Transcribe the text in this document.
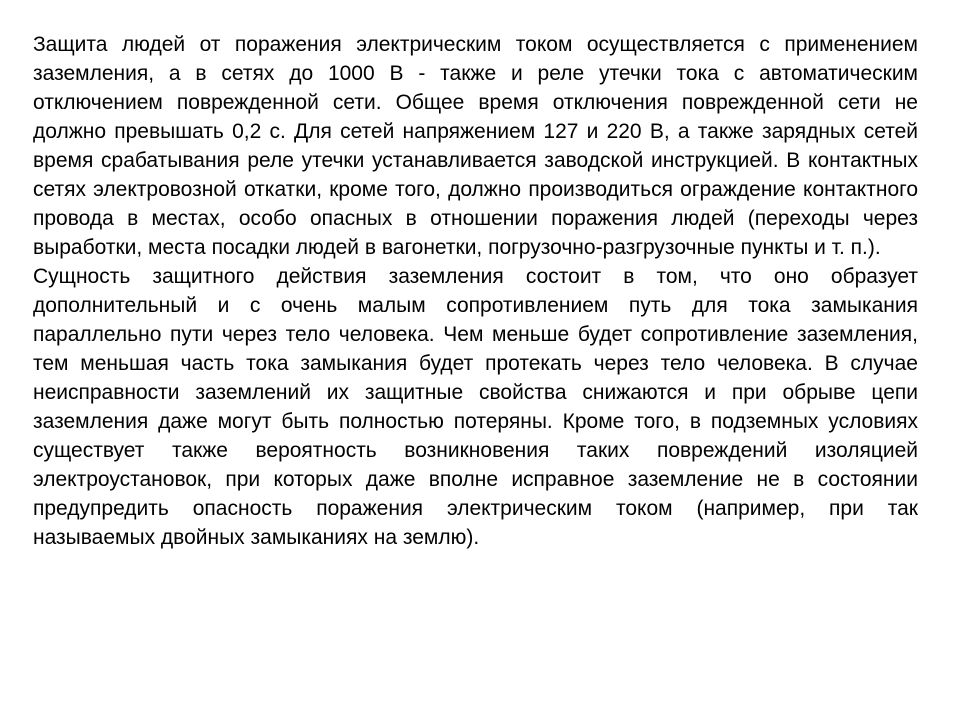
Защита людей от поражения электрическим током осуществляется с применением заземления, а в сетях до 1000 В - также и реле утечки тока с автоматическим отключением поврежденной сети. Общее время отключения поврежденной сети не должно превышать 0,2 с. Для сетей напряжением 127 и 220 В, а также зарядных сетей время срабатывания реле утечки устанавливается заводской инструкцией. В контактных сетях электровозной откатки, кроме того, должно производиться ограждение контактного провода в местах, особо опасных в отношении поражения людей (переходы через выработки, места посадки людей в вагонетки, погрузочно-разгрузочные пункты и т. п.).

Сущность защитного действия заземления состоит в том, что оно образует дополнительный и с очень малым сопротивлением путь для тока замыкания параллельно пути через тело человека. Чем меньше будет сопротивление заземления, тем меньшая часть тока замыкания будет протекать через тело человека. В случае неисправности заземлений их защитные свойства снижаются и при обрыве цепи заземления даже могут быть полностью потеряны. Кроме того, в подземных условиях существует также вероятность возникновения таких повреждений изоляцией электроустановок, при которых даже вполне исправное заземление не в состоянии предупредить опасность поражения электрическим током (например, при так называемых двойных замыканиях на землю).
